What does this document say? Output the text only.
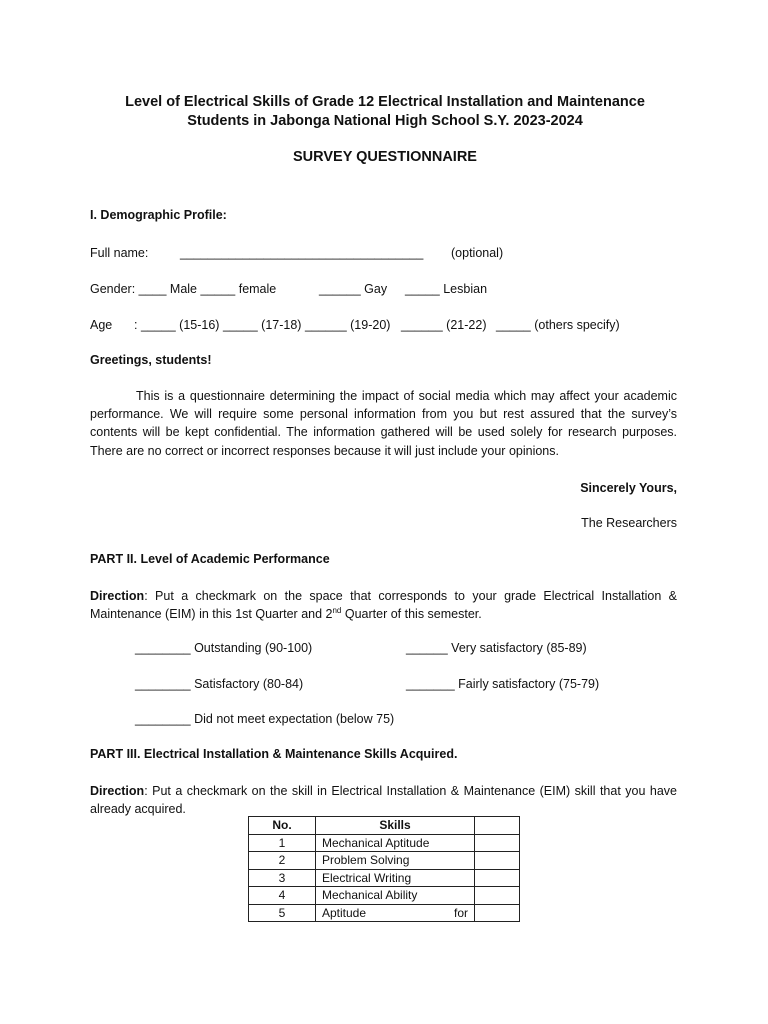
Level of Electrical Skills of Grade 12 Electrical Installation and Maintenance
Students in Jabonga National High School S.Y. 2023-2024
SURVEY QUESTIONNAIRE
I. Demographic Profile:
Full name:	___________________________________ (optional)
Gender: ____ Male _____ female	______ Gay _____ Lesbian
Age : _____ (15-16) _____ (17-18) ______ (19-20) ______ (21-22) _____ (others specify)
Greetings, students!
This is a questionnaire determining the impact of social media which may affect your academic performance. We will require some personal information from you but rest assured that the survey’s contents will be kept confidential. The information gathered will be used solely for research purposes. There are no correct or incorrect responses because it will just include your opinions.
Sincerely Yours,
The Researchers
PART II. Level of Academic Performance
Direction: Put a checkmark on the space that corresponds to your grade Electrical Installation & Maintenance (EIM) in this 1st Quarter and 2nd Quarter of this semester.
________ Outstanding (90-100)	______ Very satisfactory (85-89)
________ Satisfactory (80-84)	_______ Fairly satisfactory (75-79)
________ Did not meet expectation (below 75)
PART III. Electrical Installation & Maintenance Skills Acquired.
Direction: Put a checkmark on the skill in Electrical Installation & Maintenance (EIM) skill that you have already acquired.
No.	Skills	
1	Mechanical Aptitude	
2	Problem Solving	
3	Electrical Writing	
4	Mechanical Ability	
5	Aptitude for	
